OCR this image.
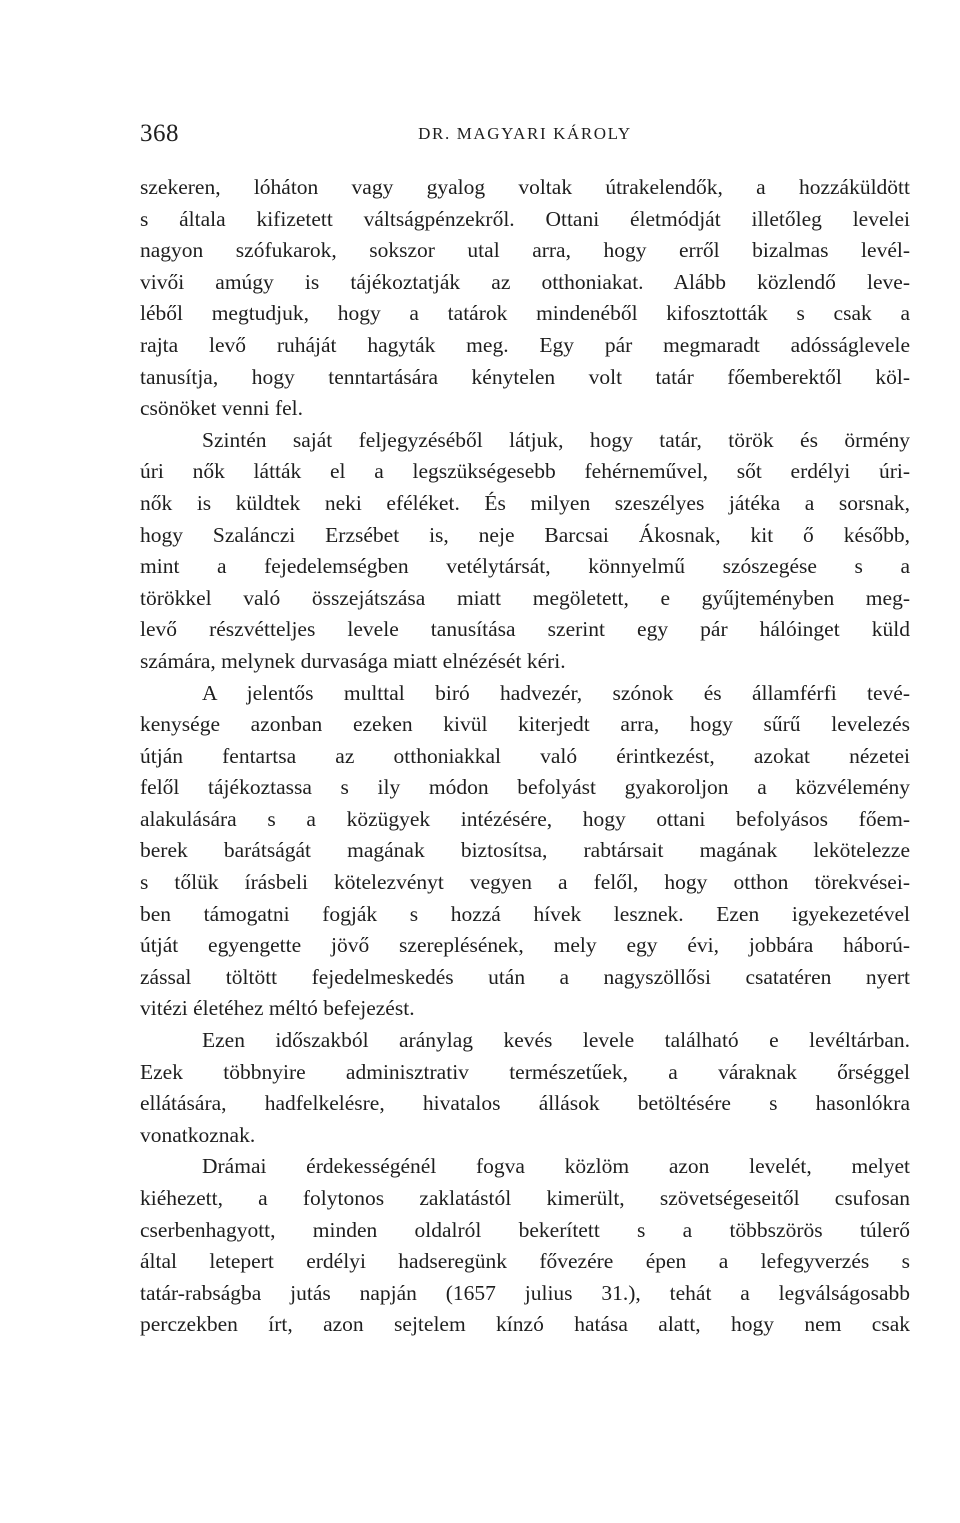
368	DR. MAGYARI KÁROLY
szekeren, lóháton vagy gyalog voltak útrakelendők, a hozzáküldött
s általa kifizetett váltságpénzekről. Ottani életmódját illetőleg levelei
nagyon szófukarok, sokszor utal arra, hogy erről bizalmas levél-
vivői amúgy is tájékoztatják az otthoniakat. Alább közlendő leve-
léből megtudjuk, hogy a tatárok mindenéből kifosztották s csak a
rajta levő ruháját hagyták meg. Egy pár megmaradt adósságlevele
tanusítja, hogy tenntartására kénytelen volt tatár főemberektől köl-
csönöket venni fel.
Szintén saját feljegyzéséből látjuk, hogy tatár, török és örmény
úri nők látták el a legszükségesebb fehérneművel, sőt erdélyi úri-
nők is küldtek neki eféléket. És milyen szeszélyes játéka a sorsnak,
hogy Szalánczi Erzsébet is, neje Barcsai Ákosnak, kit ő később,
mint a fejedelemségben vetélytársát, könnyelmű szószegése s a
törökkel való összejátszása miatt megöletett, e gyűjteményben meg-
levő részvétteljes levele tanusítása szerint egy pár hálóinget küld
számára, melynek durvasága miatt elnézését kéri.
A jelentős multtal biró hadvezér, szónok és államférfi tevé-
kenysége azonban ezeken kivül kiterjedt arra, hogy sűrű levelezés
útján fentartsa az otthoniakkal való érintkezést, azokat nézetei
felől tájékoztassa s ily módon befolyást gyakoroljon a közvélemény
alakulására s a közügyek intézésére, hogy ottani befolyásos főem-
berek barátságát magának biztosítsa, rabtársait magának lekötelezze
s tőlük írásbeli kötelezvényt vegyen a felől, hogy otthon törekvései-
ben támogatni fogják s hozzá hívek lesznek. Ezen igyekezetével
útját egyengette jövő szereplésének, mely egy évi, jobbára háború-
zással töltött fejedelmeskedés után a nagyszöllősi csatatéren nyert
vitézi életéhez méltó befejezést.
Ezen időszakból aránylag kevés levele található e levéltárban.
Ezek többnyire adminisztrativ természetűek, a váraknak őrséggel
ellátására, hadfelkelésre, hivatalos állások betöltésére s hasonlókra
vonatkoznak.
Drámai érdekességénél fogva közlöm azon levelét, melyet
kiéhezett, a folytonos zaklatástól kimerült, szövetségeseitől csufosan
cserbenhagyott, minden oldalról bekerített s a többszörös túlerő
által letepert erdélyi hadseregünk fővezére épen a lefegyverzés s
tatár-rabságba jutás napján (1657 julius 31.), tehát a legválságosabb
perczekben írt, azon sejtelem kínzó hatása alatt, hogy nem csak
